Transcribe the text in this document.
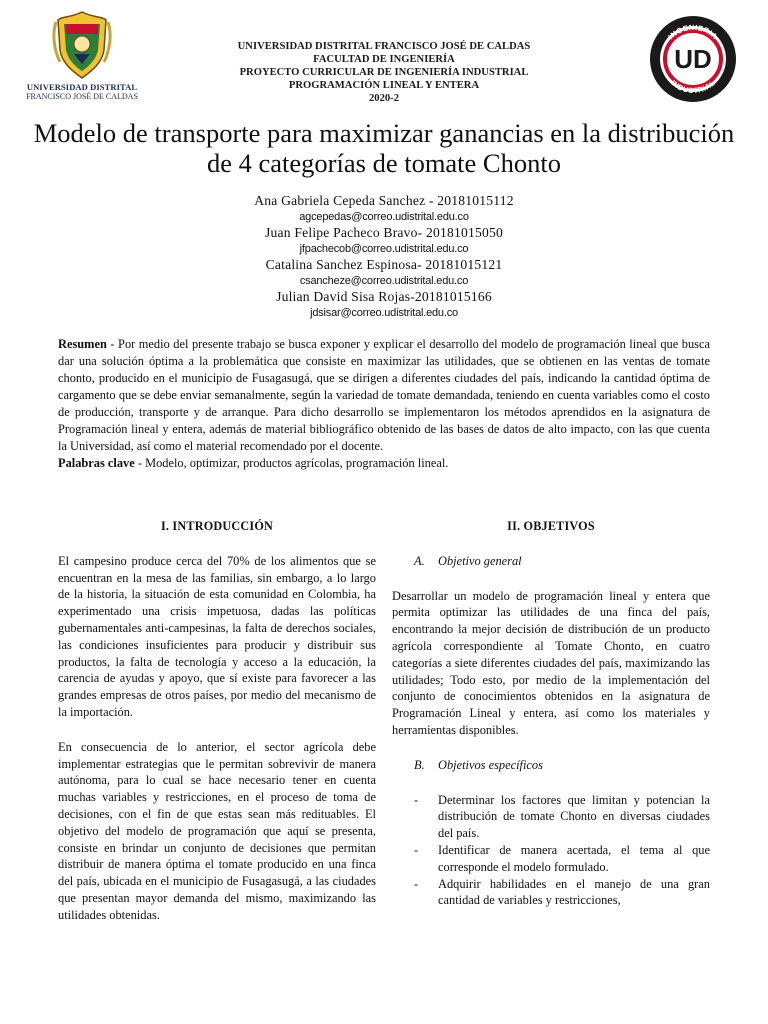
UNIVERSIDAD DISTRITAL
FRANCISCO JOSÉ DE CALDAS
UNIVERSIDAD DISTRITAL FRANCISCO JOSÉ DE CALDAS
FACULTAD DE INGENIERÍA
PROYECTO CURRICULAR DE INGENIERÍA INDUSTRIAL
PROGRAMACIÓN LINEAL Y ENTERA
2020-2
INGENIERIA
INDUSTRIAL
UD
Modelo de transporte para maximizar ganancias en la distribución de 4 categorías de tomate Chonto
Ana Gabriela Cepeda Sanchez - 20181015112
agcepedas@correo.udistrital.edu.co
Juan Felipe Pacheco Bravo- 20181015050
jfpachecob@correo.udistrital.edu.co
Catalina Sanchez Espinosa- 20181015121
csancheze@correo.udistrital.edu.co
Julian David Sisa Rojas-20181015166
jdsisar@correo.udistrital.edu.co

Resumen - Por medio del presente trabajo se busca exponer y explicar el desarrollo del modelo de programación lineal que busca dar una solución óptima a la problemática que consiste en maximizar las utilidades, que se obtienen en las ventas de tomate chonto, producido en el municipio de Fusagasugá, que se dirigen a diferentes ciudades del país, indicando la cantidad óptima de cargamento que se debe enviar semanalmente, según la variedad de tomate demandada, teniendo en cuenta variables como el costo de producción, transporte y de arranque. Para dicho desarrollo se implementaron los métodos aprendidos en la asignatura de Programación lineal y entera, además de material bibliográfico obtenido de las bases de datos de alto impacto, con las que cuenta la Universidad, así como el material recomendado por el docente.

Palabras clave - Modelo, optimizar, productos agrícolas, programación lineal.

I. INTRODUCCIÓN

El campesino produce cerca del 70% de los alimentos que se encuentran en la mesa de las familias, sin embargo, a lo largo de la historia, la situación de esta comunidad en Colombia, ha experimentado una crisis impetuosa, dadas las políticas gubernamentales anti-campesinas, la falta de derechos sociales, las condiciones insuficientes para producir y distribuir sus productos, la falta de tecnología y acceso a la educación, la carencia de ayudas y apoyo, que sí existe para favorecer a las grandes empresas de otros países, por medio del mecanismo de la importación.

En consecuencia de lo anterior, el sector agrícola debe implementar estrategias que le permitan sobrevivir de manera autónoma, para lo cual se hace necesario tener en cuenta muchas variables y restricciones, en el proceso de toma de decisiones, con el fin de que estas sean más redituables. El objetivo del modelo de programación que aquí se presenta, consiste en brindar un conjunto de decisiones que permitan distribuir de manera óptima el tomate producido en una finca del país, ubicada en el municipio de Fusagasugá, a las ciudades que presentan mayor demanda del mismo, maximizando las utilidades obtenidas.

II. OBJETIVOS
A. Objetivo general

Desarrollar un modelo de programación lineal y entera que permita optimizar las utilidades de una finca del país, encontrando la mejor decisión de distribución de un producto agrícola correspondiente al Tomate Chonto, en cuatro categorías a siete diferentes ciudades del país, maximizando las utilidades; Todo esto, por medio de la implementación del conjunto de conocimientos obtenidos en la asignatura de Programación Lineal y entera, así como los materiales y herramientas disponibles.

B. Objetivos específicos
- Determinar los factores que limitan y potencian la distribución de tomate Chonto en diversas ciudades del país.
- Identificar de manera acertada, el tema al que corresponde el modelo formulado.
- Adquirir habilidades en el manejo de una gran cantidad de variables y restricciones,
